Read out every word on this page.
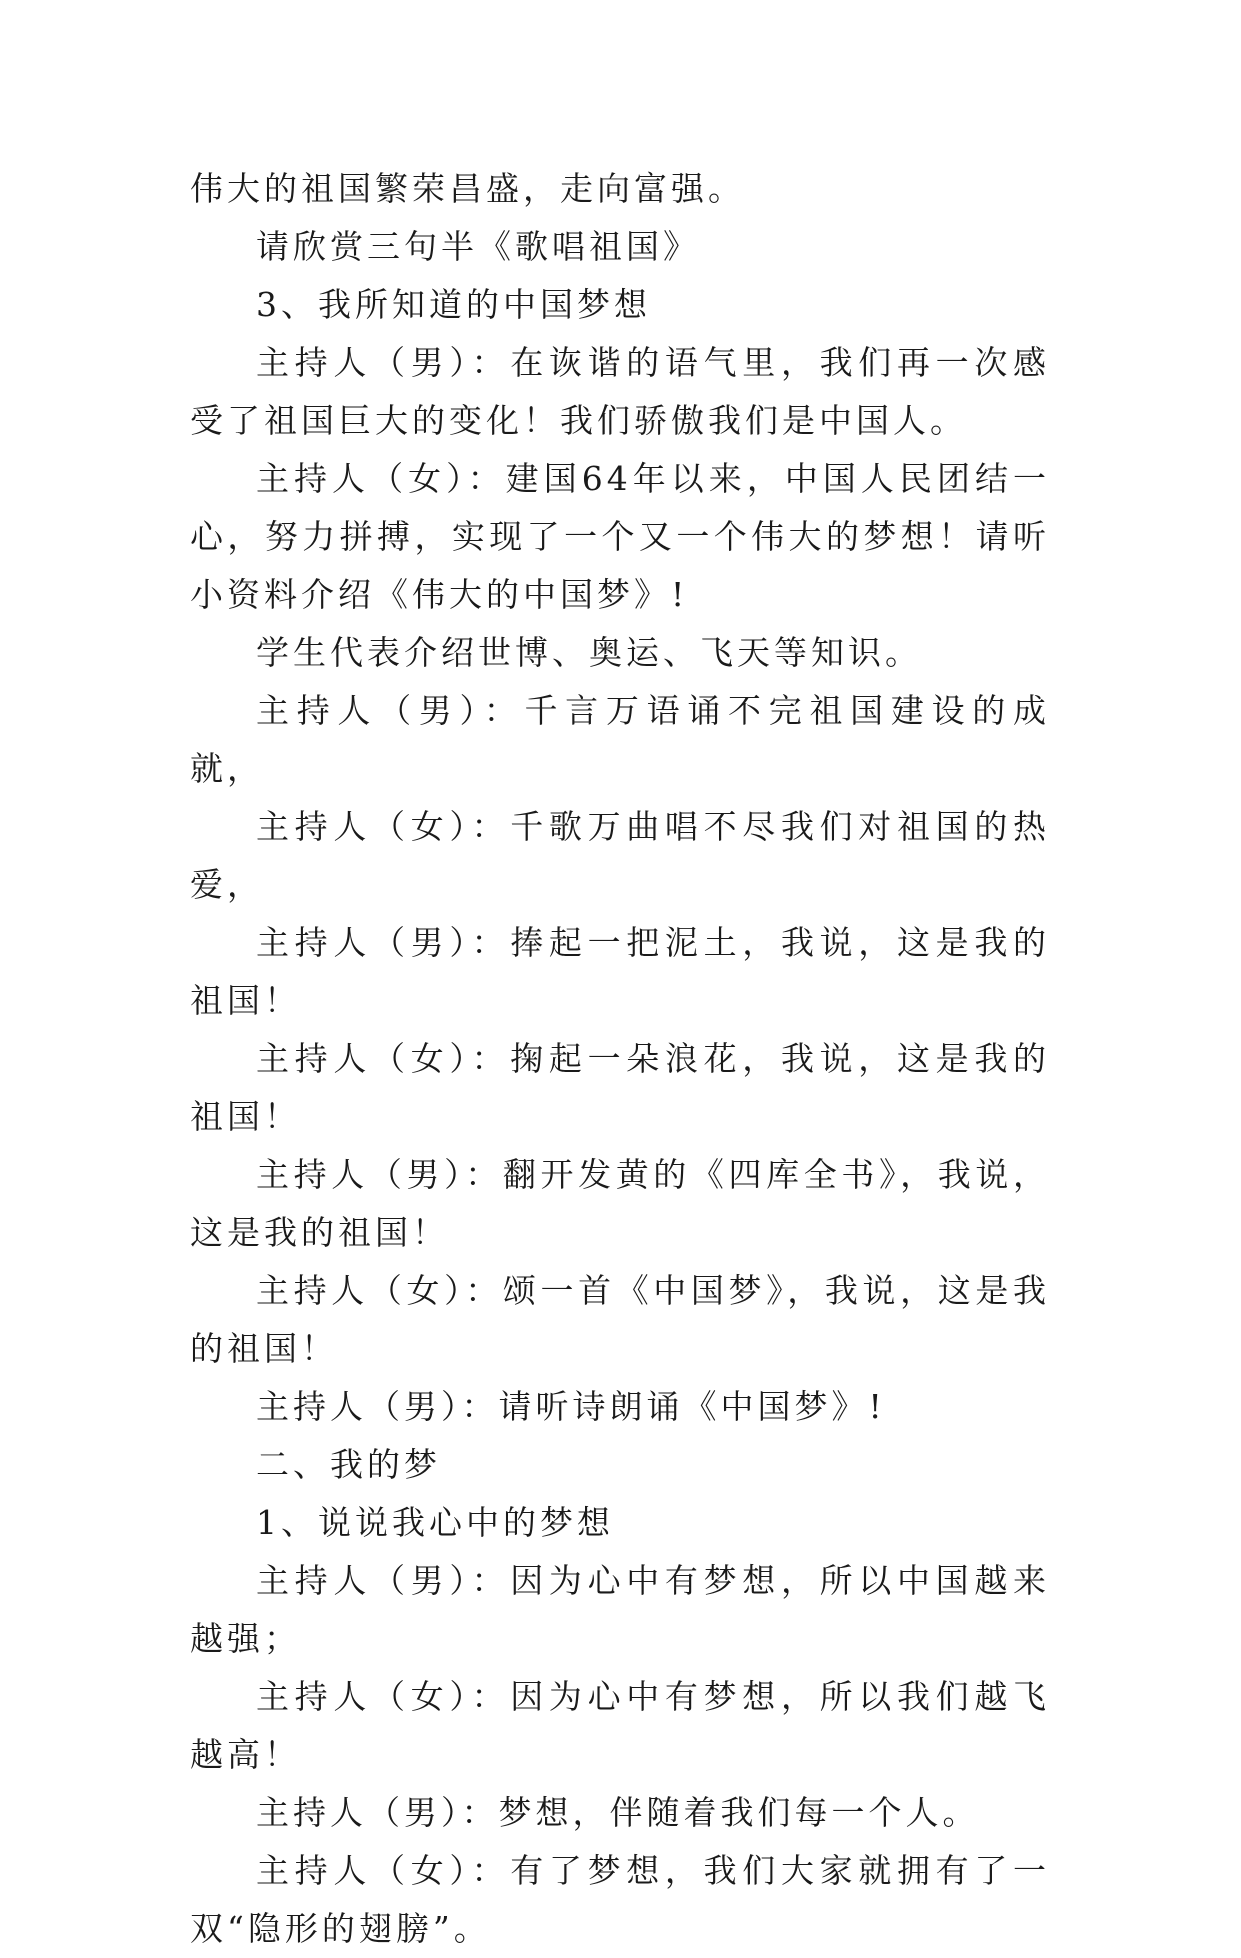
伟大的祖国繁荣昌盛，走向富强。

请欣赏三句半《歌唱祖国》

3、我所知道的中国梦想

主持人（男）：在诙谐的语气里，我们再一次感受了祖国巨大的变化！我们骄傲我们是中国人。

主持人（女）：建国64年以来，中国人民团结一心，努力拼搏，实现了一个又一个伟大的梦想！请听小资料介绍《伟大的中国梦》!

学生代表介绍世博、奥运、飞天等知识。

主持人（男）：千言万语诵不完祖国建设的成就，

主持人（女）：千歌万曲唱不尽我们对祖国的热爱，

主持人（男）：捧起一把泥土，我说，这是我的祖国！

主持人（女）：掬起一朵浪花，我说，这是我的祖国！

主持人（男）：翻开发黄的《四库全书》，我说，这是我的祖国！

主持人（女）：颂一首《中国梦》，我说，这是我的祖国！

主持人（男）：请听诗朗诵《中国梦》!

二、我的梦

1、说说我心中的梦想

主持人（男）：因为心中有梦想，所以中国越来越强；

主持人（女）：因为心中有梦想，所以我们越飞越高！

主持人（男）：梦想，伴随着我们每一个人。

主持人（女）：有了梦想，我们大家就拥有了一双“隐形的翅膀”。
